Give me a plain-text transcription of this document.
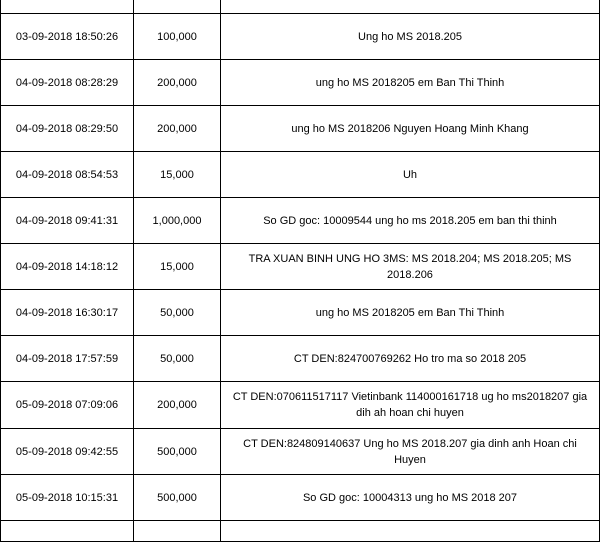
03-09-2018 18:50:26	100,000	Ung ho MS 2018.205
04-09-2018 08:28:29	200,000	ung ho MS 2018205 em Ban Thi Thinh
04-09-2018 08:29:50	200,000	ung ho MS 2018206 Nguyen Hoang Minh Khang
04-09-2018 08:54:53	15,000	Uh
04-09-2018 09:41:31	1,000,000	So GD goc: 10009544 ung ho ms 2018.205 em ban thi thinh
04-09-2018 14:18:12	15,000	TRA XUAN BINH UNG HO 3MS: MS 2018.204; MS 2018.205; MS 2018.206
04-09-2018 16:30:17	50,000	ung ho MS 2018205 em Ban Thi Thinh
04-09-2018 17:57:59	50,000	CT DEN:824700769262 Ho tro ma so 2018 205
05-09-2018 07:09:06	200,000	CT DEN:070611517117 Vietinbank 114000161718 ug ho ms2018207 gia dih ah hoan chi huyen
05-09-2018 09:42:55	500,000	CT DEN:824809140637 Ung ho MS 2018.207 gia dinh anh Hoan chi Huyen
05-09-2018 10:15:31	500,000	So GD goc: 10004313 ung ho MS 2018 207
